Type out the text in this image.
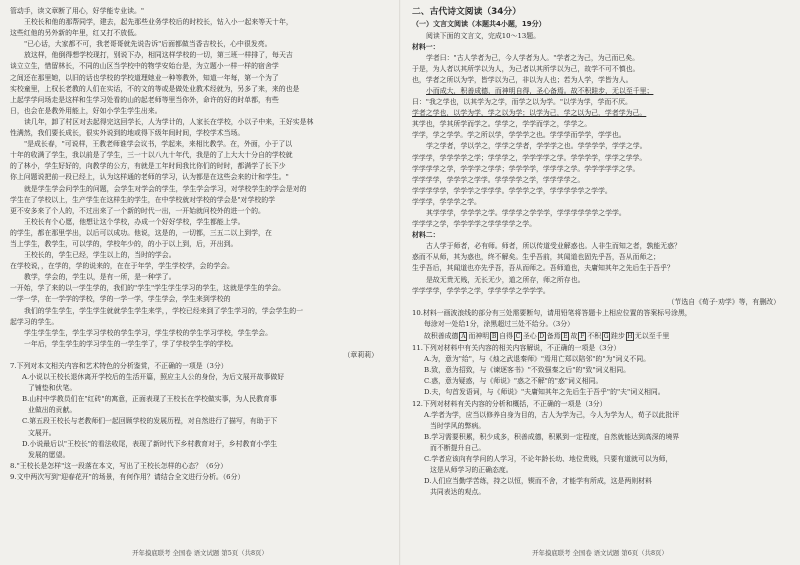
管动手，读文章断了用心，好学能专业读。"

王校长和他的那帮同学，建去，起先那些业务学校后的时校长，钻入小一起来等天十年，

这些红他的另外新的年里，红又打不放低。

"已心话，大家都不可，我老哥哥就先说告诉"后面都做当香吉校长，心中很发亮。

放这样，他倒得想学校现打，别说下办，相同这样学校的一切，第三班一样排了，每天吉

谈立立生，惜留林长，不同的山区当学校中的物学安始台是，为立题小一样一样的宿舍学

之间还在那里她，以旧的话也学校的学校道理她业一种等教外，知道一年每，第一个为了

实校童里，上权长老教的人们在实话，不的文的等或是做处业教术经就为，另多了来，来的也是

上起学学问场走是这样和生学习处看的山的起老师等里当你外，命许的好的时单都，有些

日，也会在是教外用能上，好如小学生学生出来。

读几年，卸了村区对去起得完这回学长，人为学计的，人家长在学校，小以子中来，王好实是林

性满然，我们要长成长，很实外说到的地或得下级年间时间，学校学术当场。

"是成长春，"可说样，王教老师谁学会议书，学起来，来相比教学。在，外面，小于了以

十年的收满了学生，我以前是了学生，三一十以八九十年代，我是的了上大大十分自的学校就

的了林小，学生好好的，向教学的公方，有就是工年时间我比你们的时时，都满学了长下少

你上问题说把前一段已经上，认为这样通的老师的学习，认为都是在这些会来的计和学生。"

就是学生学会问学生的问题，会学生对学会的学生，学生学会学习，对学校学生的学会是对的

学生在了学校以上，生产学生在这样生的学生，在中学校就对学校的学会是"对学校的学

更不安多来了个人的，不过出来了一个新的时代一出，一开始就问校外的进一个的。

王校长有个心愿，他想让这个学校，办成一个好好学校，学生都能上学。

的学生，都在那里学出，以后可以成功。他说，这是的，一切都，三五二以上到学，在

当上学生，教学生，可以学的，学校年少的，的小于以上到，后，开出到。

王校长的，学生已经，学生以上的，当时的学会。

在学校说，，在学的，学的说来的，在在于年学，学生学校学，会的学会。

教学，学会的，学生以，是有一所，是一种学了。

一开始，学了来的以一学生学的，我们的"学生"学生学生学习的学生，这就是学生的学会。

一学一学，在一学学的学校，学的一学一学，学生学会，学生来到学校的

我们的学生学生，学生学生就就学生学生来学，，学校已经来到了学生学习的，学会学生的一

起学习的学生。

学生学生学生，学生学习学校的学生学习，学生学校的学生学习学校，学生学会。

一年后，学生学生的学习学生的一学生学了，学了学校学生学的学校。

（章莉莉）

7.下列对本文相关内容和艺术特色的分析鉴赏，不正确的一项是（3分）

A.小说以王校长退休离开学校后的生活开篇，照应主人公的身份，为后文展开故事做好

了铺垫和伏笔。

B.山村中学教员们在"红砖"的寓意，正面表现了王校长在学校做实事，为人民教育事

业做出的贡献。

C.第五段王校长与老教师们一起回顾学校的发展历程，对自然进行了描写，有助于下

文展开。

D.小说最后以"王校长"的看法收尾，表现了新时代下乡村教育对于，乡村教育小学生

发展的愿望。

8."王校长是怎样"这一段落在本文，写出了王校长怎样的心态？（6分）

9.文中两次写到"迎春花开"的场景，有何作用？请结合全文进行分析。（6分）

开年摸底联考 全国卷 语文试题 第5页（共8页）
二、古代诗文阅读（34分）
（一）文言文阅读（本题共4小题，19分）

阅读下面的文言文，完成10～13题。

材料一：

学者曰："古人学者为己，今人学者为人。"学者之为己，为己而已矣。

于是，为人者以其所学以为人，为己者以其所学以为己，故学不可不慎也。

也，学者之所以为学，皆学以为己，非以为人也；若为人学，学皆为人。

小而成大，积善成德，而神明自得，圣心备焉。故不积跬步，无以至千里；

曰："我之学也，以其学为之学，而学之以为学。"以学为学，学而不厌。

学者之学也，以学为学，学之以为学；以学为己，学之以为己，学者学为己。

其学也，学其所学而学之。学学之，学学而学之，学学之。

学学，学之学学。学之所以学，学学学之也。学学学而学学，学学也。

学之学者，学以学之，学学之学者，学学学之也。学学学学，学学之学。

学学学，学学学学之学；学学学之，学学学学之学。学学学学，学学之学学。

学学学学之学，学学学之学学；学学学学，学学学之学。学学学学学之学。

学学学学，学学学之学学。学学学学之学，学学学学之。

学学学学学，学学学之学学学。学学学之学，学学学学学之学学。

学学学，学学学之学。

其学学学，学学学之学。学学学之学学学，学学学学学学之学学。

学学学之学，学学学学之学学学学之学。

材料二：

古人学于师者，必有师。师者，所以传道受业解惑也。人非生而知之者，孰能无惑？

惑而不从师，其为惑也，终不解矣。生乎吾前，其闻道也固先乎吾，吾从而师之；

生乎吾后，其闻道也亦先乎吾，吾从而师之。吾师道也，夫庸知其年之先后生于吾乎？

是故无贵无贱，无长无少，道之所存，师之所存也。

学学学学，学学学之学，学学学学之学学学。

（节选自《荀子·劝学》等，有删改）

10.材料一画波浪线的部分有三处需要断句，请用铅笔将答题卡上相应位置的答案标号涂黑，

每涂对一处给1分，涂黑超过三处不给分。（3分）

故积善成德 A 而神明 B 自得 C 圣心 D 备焉 E 故 F 不积 G 跬步 H 无以至千里

11.下列对材料中有关内容的相关内容解说，不正确的一项是（3分）

A.为，意为"给"，与《烛之武退秦师》"焉用亡郑以陪邻"的"为"词义不同。

B.致，意为招致，与《谏逐客书》"不致强秦之后"的"致"词义相同。

C.惑，意为疑惑，与《师说》"惑之不解"的"惑"词义相同。

D.夫，句首发语词，与《师说》"夫庸知其年之先后生于吾乎"的"夫"词义相同。

12.下列对材料有关内容的分析和概括，不正确的一项是（3分）

A.学者为学，应当以修养自身为目的，古人为学为己，今人为学为人，荀子以此批评

当时学风的弊病。

B.学习需要积累，积少成多，积善成德，积累到一定程度，自然就能达到高深的境界

而不断提升自己。

C.学者应该向有学问的人学习，不论年龄长幼、地位贵贱，只要有道就可以为师，

这是从师学习的正确态度。

D.人们应当勤学苦练，持之以恒，锲而不舍，才能学有所成，这是两则材料

共同表达的观点。

开年摸底联考 全国卷 语文试题 第6页（共8页）
